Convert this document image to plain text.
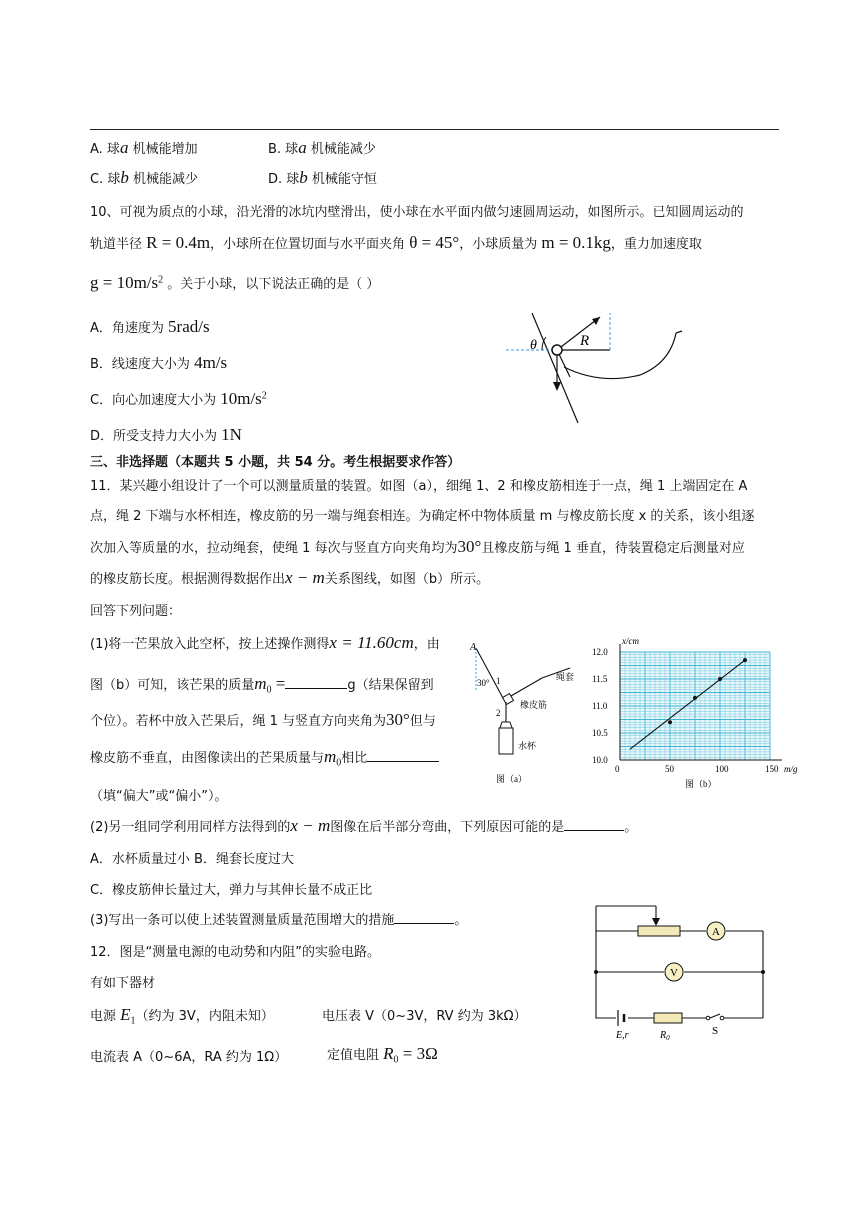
A. 球a 机械能增加	B. 球a 机械能减少
C. 球b 机械能减少	D. 球b 机械能守恒
10、可视为质点的小球，沿光滑的冰坑内壁滑出，使小球在水平面内做匀速圆周运动，如图所示。已知圆周运动的
轨道半径 R = 0.4m，小球所在位置切面与水平面夹角 θ = 45°，小球质量为 m = 0.1kg，重力加速度取
$g = 10m/s^2$ 。关于小球，以下说法正确的是（ ）
A．角速度为 5rad/s
B．线速度大小为 4m/s
C．向心加速度大小为 $10m/s^2$
D．所受支持力大小为 1N
θ	R
三、非选择题（本题共 5 小题，共 54 分。考生根据要求作答）
11．某兴趣小组设计了一个可以测量质量的装置。如图（a），细绳 1、2 和橡皮筋相连于一点，绳 1 上端固定在 A
点，绳 2 下端与水杯相连，橡皮筋的另一端与绳套相连。为确定杯中物体质量 m 与橡皮筋长度 x 的关系，该小组逐
次加入等质量的水，拉动绳套，使绳 1 每次与竖直方向夹角均为30°且橡皮筋与绳 1 垂直，待装置稳定后测量对应
的橡皮筋长度。根据测得数据作出x − m关系图线，如图（b）所示。
回答下列问题：
(1)将一芒果放入此空杯，按上述操作测得x = 11.60cm，由
图（b）可知，该芒果的质量$m_0$ =	g（结果保留到
个位）。若杯中放入芒果后，绳 1 与竖直方向夹角为30°但与
橡皮筋不垂直，由图像读出的芒果质量与$m_0$相比
（填“偏大”或“偏小”）。
(2)另一组同学利用同样方法得到的x − m图像在后半部分弯曲，下列原因可能的是	。
A．水杯质量过小 B．绳套长度过大
C．橡皮筋伸长量过大，弹力与其伸长量不成正比
(3)写出一条可以使上述装置测量质量范围增大的措施	。
A
30° 1
2
绳套
橡皮筋
水杯
图（a）
0	50	100	150
10.0
10.5
11.0
11.5
12.0
x/cm
m/g
图（b）
12．图是“测量电源的电动势和内阻”的实验电路。
有如下器材
电源 $E_1$（约为 3V，内阻未知）	电压表 V（0~3V，RV 约为 3kΩ）
电流表 A（0~6A，RA 约为 1Ω）	定值电阻 $R_0 = 3\Omega$
A
V
E,r	$R_0$
S
